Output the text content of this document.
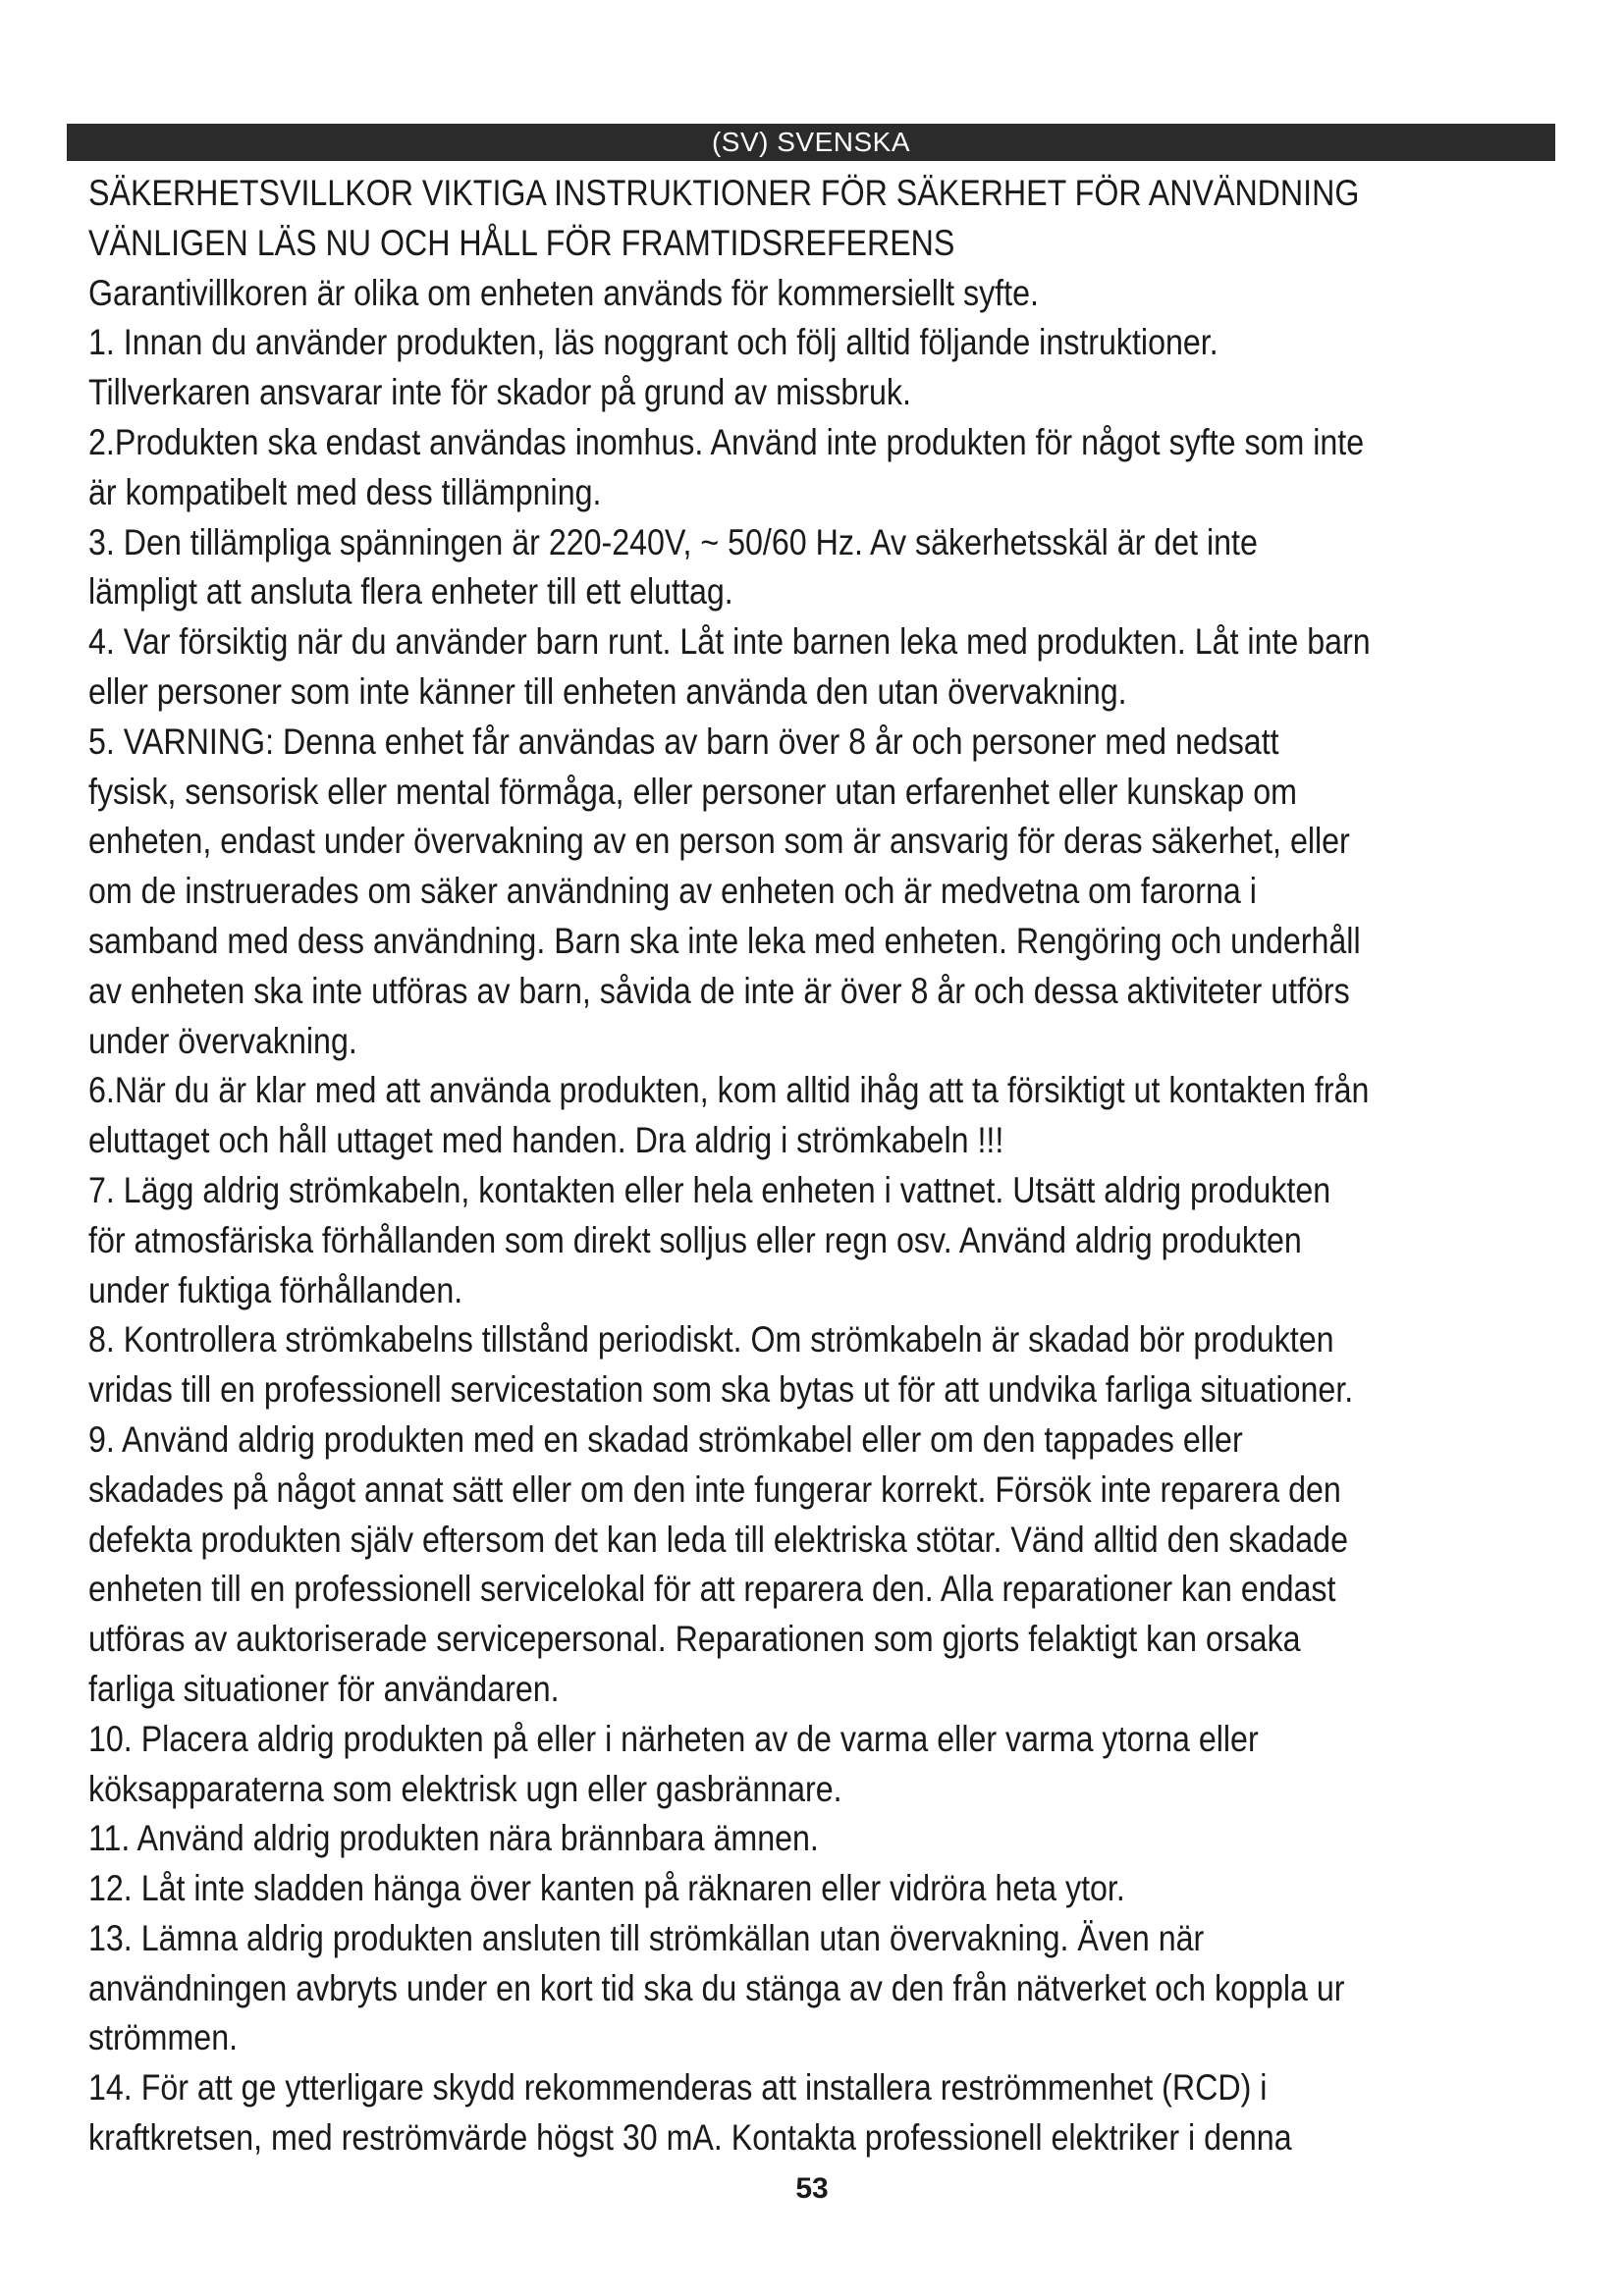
(SV) SVENSKA
SÄKERHETSVILLKOR VIKTIGA INSTRUKTIONER FÖR SÄKERHET FÖR ANVÄNDNING
VÄNLIGEN LÄS NU OCH HÅLL FÖR FRAMTIDSREFERENS
Garantivillkoren är olika om enheten används för kommersiellt syfte.
1. Innan du använder produkten, läs noggrant och följ alltid följande instruktioner.
Tillverkaren ansvarar inte för skador på grund av missbruk.
2.Produkten ska endast användas inomhus. Använd inte produkten för något syfte som inte
är kompatibelt med dess tillämpning.
3. Den tillämpliga spänningen är 220-240V, ~ 50/60 Hz. Av säkerhetsskäl är det inte
lämpligt att ansluta flera enheter till ett eluttag.
4. Var försiktig när du använder barn runt. Låt inte barnen leka med produkten. Låt inte barn
eller personer som inte känner till enheten använda den utan övervakning.
5. VARNING: Denna enhet får användas av barn över 8 år och personer med nedsatt
fysisk, sensorisk eller mental förmåga, eller personer utan erfarenhet eller kunskap om
enheten, endast under övervakning av en person som är ansvarig för deras säkerhet, eller
om de instruerades om säker användning av enheten och är medvetna om farorna i
samband med dess användning. Barn ska inte leka med enheten. Rengöring och underhåll
av enheten ska inte utföras av barn, såvida de inte är över 8 år och dessa aktiviteter utförs
under övervakning.
6.När du är klar med att använda produkten, kom alltid ihåg att ta försiktigt ut kontakten från
eluttaget och håll uttaget med handen. Dra aldrig i strömkabeln !!!
7. Lägg aldrig strömkabeln, kontakten eller hela enheten i vattnet. Utsätt aldrig produkten
för atmosfäriska förhållanden som direkt solljus eller regn osv. Använd aldrig produkten
under fuktiga förhållanden.
8. Kontrollera strömkabelns tillstånd periodiskt. Om strömkabeln är skadad bör produkten
vridas till en professionell servicestation som ska bytas ut för att undvika farliga situationer.
9. Använd aldrig produkten med en skadad strömkabel eller om den tappades eller
skadades på något annat sätt eller om den inte fungerar korrekt. Försök inte reparera den
defekta produkten själv eftersom det kan leda till elektriska stötar. Vänd alltid den skadade
enheten till en professionell servicelokal för att reparera den. Alla reparationer kan endast
utföras av auktoriserade servicepersonal. Reparationen som gjorts felaktigt kan orsaka
farliga situationer för användaren.
10. Placera aldrig produkten på eller i närheten av de varma eller varma ytorna eller
köksapparaterna som elektrisk ugn eller gasbrännare.
11. Använd aldrig produkten nära brännbara ämnen.
12. Låt inte sladden hänga över kanten på räknaren eller vidröra heta ytor.
13. Lämna aldrig produkten ansluten till strömkällan utan övervakning. Även när
användningen avbryts under en kort tid ska du stänga av den från nätverket och koppla ur
strömmen.
14. För att ge ytterligare skydd rekommenderas att installera reströmmenhet (RCD) i
kraftkretsen, med reströmvärde högst 30 mA. Kontakta professionell elektriker i denna
53
